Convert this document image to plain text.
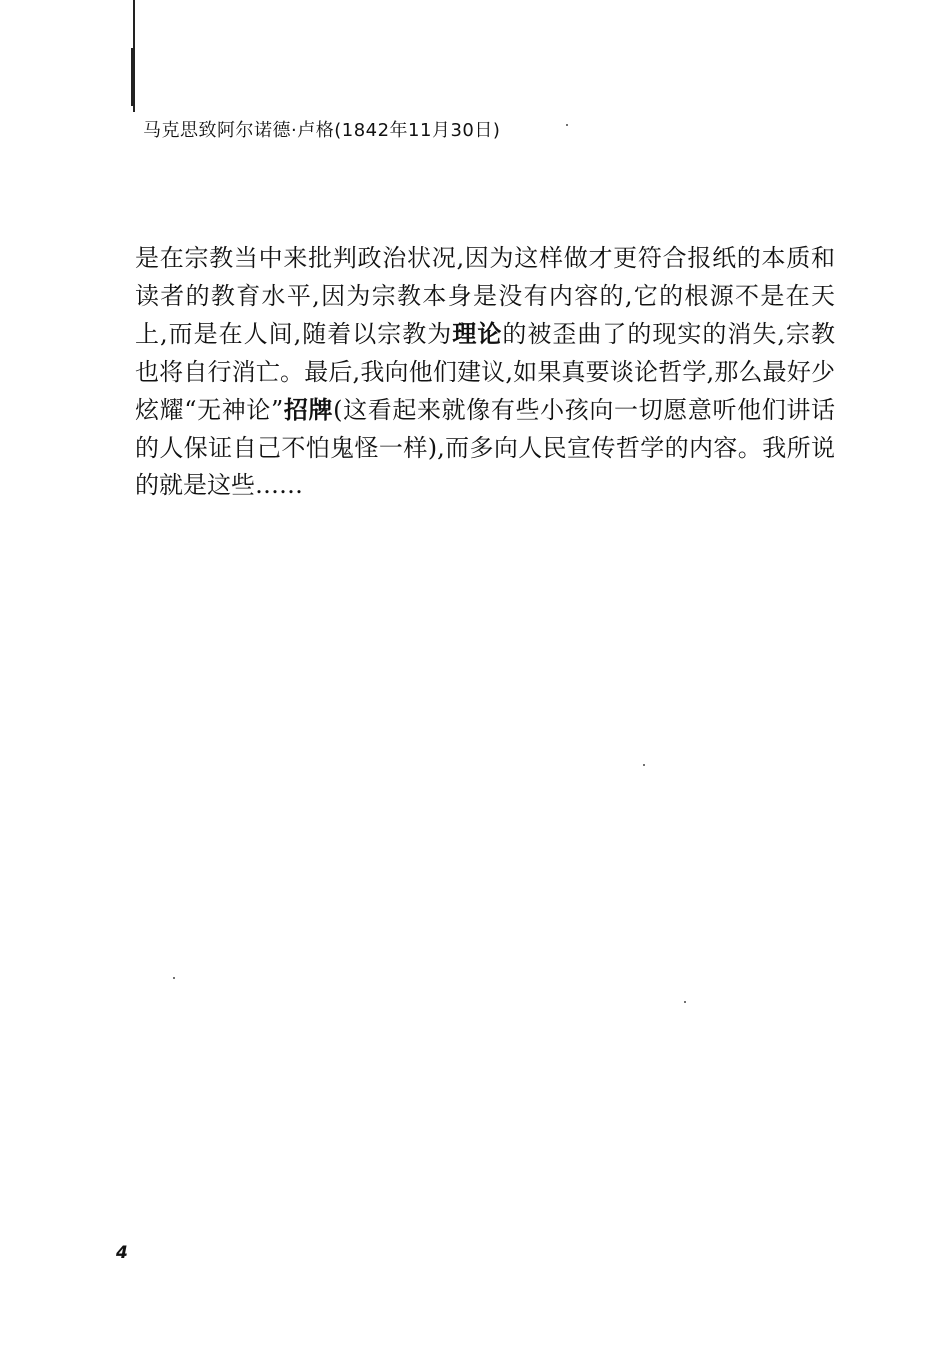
马克思致阿尔诺德·卢格(1842年11月30日)
是在宗教当中来批判政治状况,因为这样做才更符合报纸的本质和
读者的教育水平,因为宗教本身是没有内容的,它的根源不是在天
上,而是在人间,随着以宗教为理论的被歪曲了的现实的消失,宗教
也将自行消亡。最后,我向他们建议,如果真要谈论哲学,那么最好少
炫耀“无神论”招牌(这看起来就像有些小孩向一切愿意听他们讲话
的人保证自己不怕鬼怪一样),而多向人民宣传哲学的内容。我所说
的就是这些……
4
